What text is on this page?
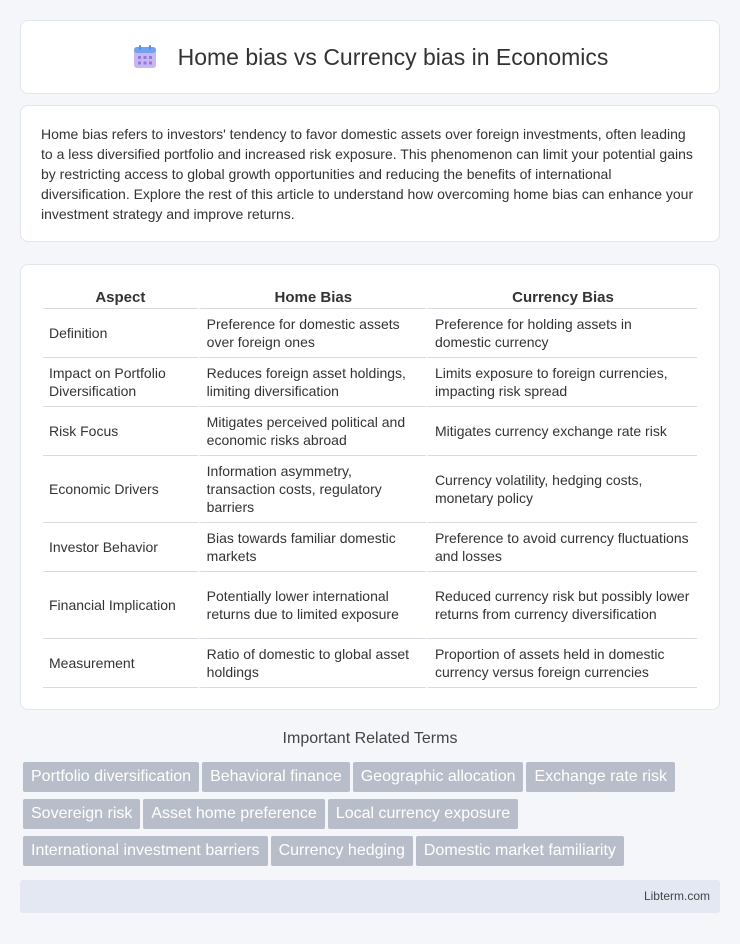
Home bias vs Currency bias in Economics

Home bias refers to investors' tendency to favor domestic assets over foreign investments, often leading to a less diversified portfolio and increased risk exposure. This phenomenon can limit your potential gains by restricting access to global growth opportunities and reducing the benefits of international diversification. Explore the rest of this article to understand how overcoming home bias can enhance your investment strategy and improve returns.

Aspect	Home Bias	Currency Bias
Definition	Preference for domestic assets over foreign ones	Preference for holding assets in domestic currency
Impact on Portfolio Diversification	Reduces foreign asset holdings, limiting diversification	Limits exposure to foreign currencies, impacting risk spread
Risk Focus	Mitigates perceived political and economic risks abroad	Mitigates currency exchange rate risk
Economic Drivers	Information asymmetry, transaction costs, regulatory barriers	Currency volatility, hedging costs, monetary policy
Investor Behavior	Bias towards familiar domestic markets	Preference to avoid currency fluctuations and losses
Financial Implication	Potentially lower international returns due to limited exposure	Reduced currency risk but possibly lower returns from currency diversification
Measurement	Ratio of domestic to global asset holdings	Proportion of assets held in domestic currency versus foreign currencies
Important Related Terms
Portfolio diversification Behavioral finance Geographic allocation Exchange rate risk
Sovereign risk Asset home preference Local currency exposure
International investment barriers Currency hedging Domestic market familiarity
Libterm.com
